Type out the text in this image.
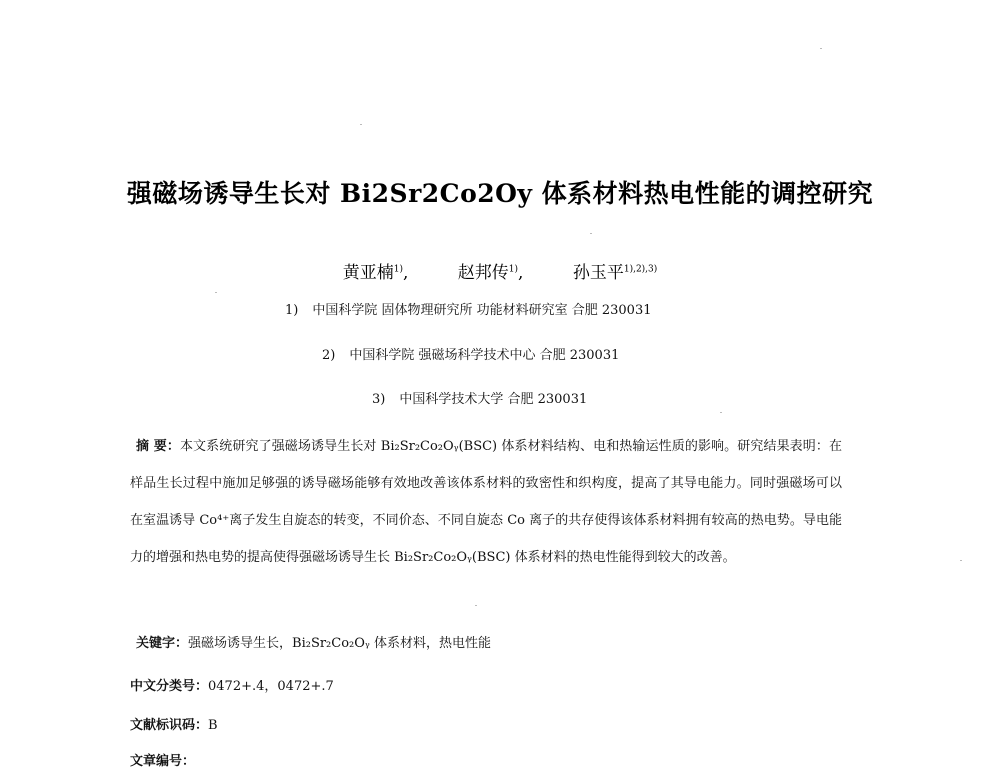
强磁场诱导生长对 Bi2Sr2Co2Oy 体系材料热电性能的调控研究
黄亚楠$^{1)}$,	赵邦传$^{1)}$,	孙玉平$^{1),2),3)}$
1) 中国科学院 固体物理研究所 功能材料研究室 合肥 230031
2) 中国科学院 强磁场科学技术中心 合肥 230031
3) 中国科学技术大学 合肥 230031

摘 要：本文系统研究了强磁场诱导生长对 Bi₂Sr₂Co₂Oᵧ(BSC) 体系材料结构、电和热输运性质的影响。研究结果表明：在样品生长过程中施加足够强的诱导磁场能够有效地改善该体系材料的致密性和织构度，提高了其导电能力。同时强磁场可以在室温诱导 Co⁴⁺离子发生自旋态的转变，不同价态、不同自旋态 Co 离子的共存使得该体系材料拥有较高的热电势。导电能力的增强和热电势的提高使得强磁场诱导生长 Bi₂Sr₂Co₂Oᵧ(BSC) 体系材料的热电性能得到较大的改善。

关键字：强磁场诱导生长，Bi₂Sr₂Co₂Oᵧ 体系材料，热电性能
中文分类号：0472+.4，0472+.7
文献标识码：B
文章编号：
